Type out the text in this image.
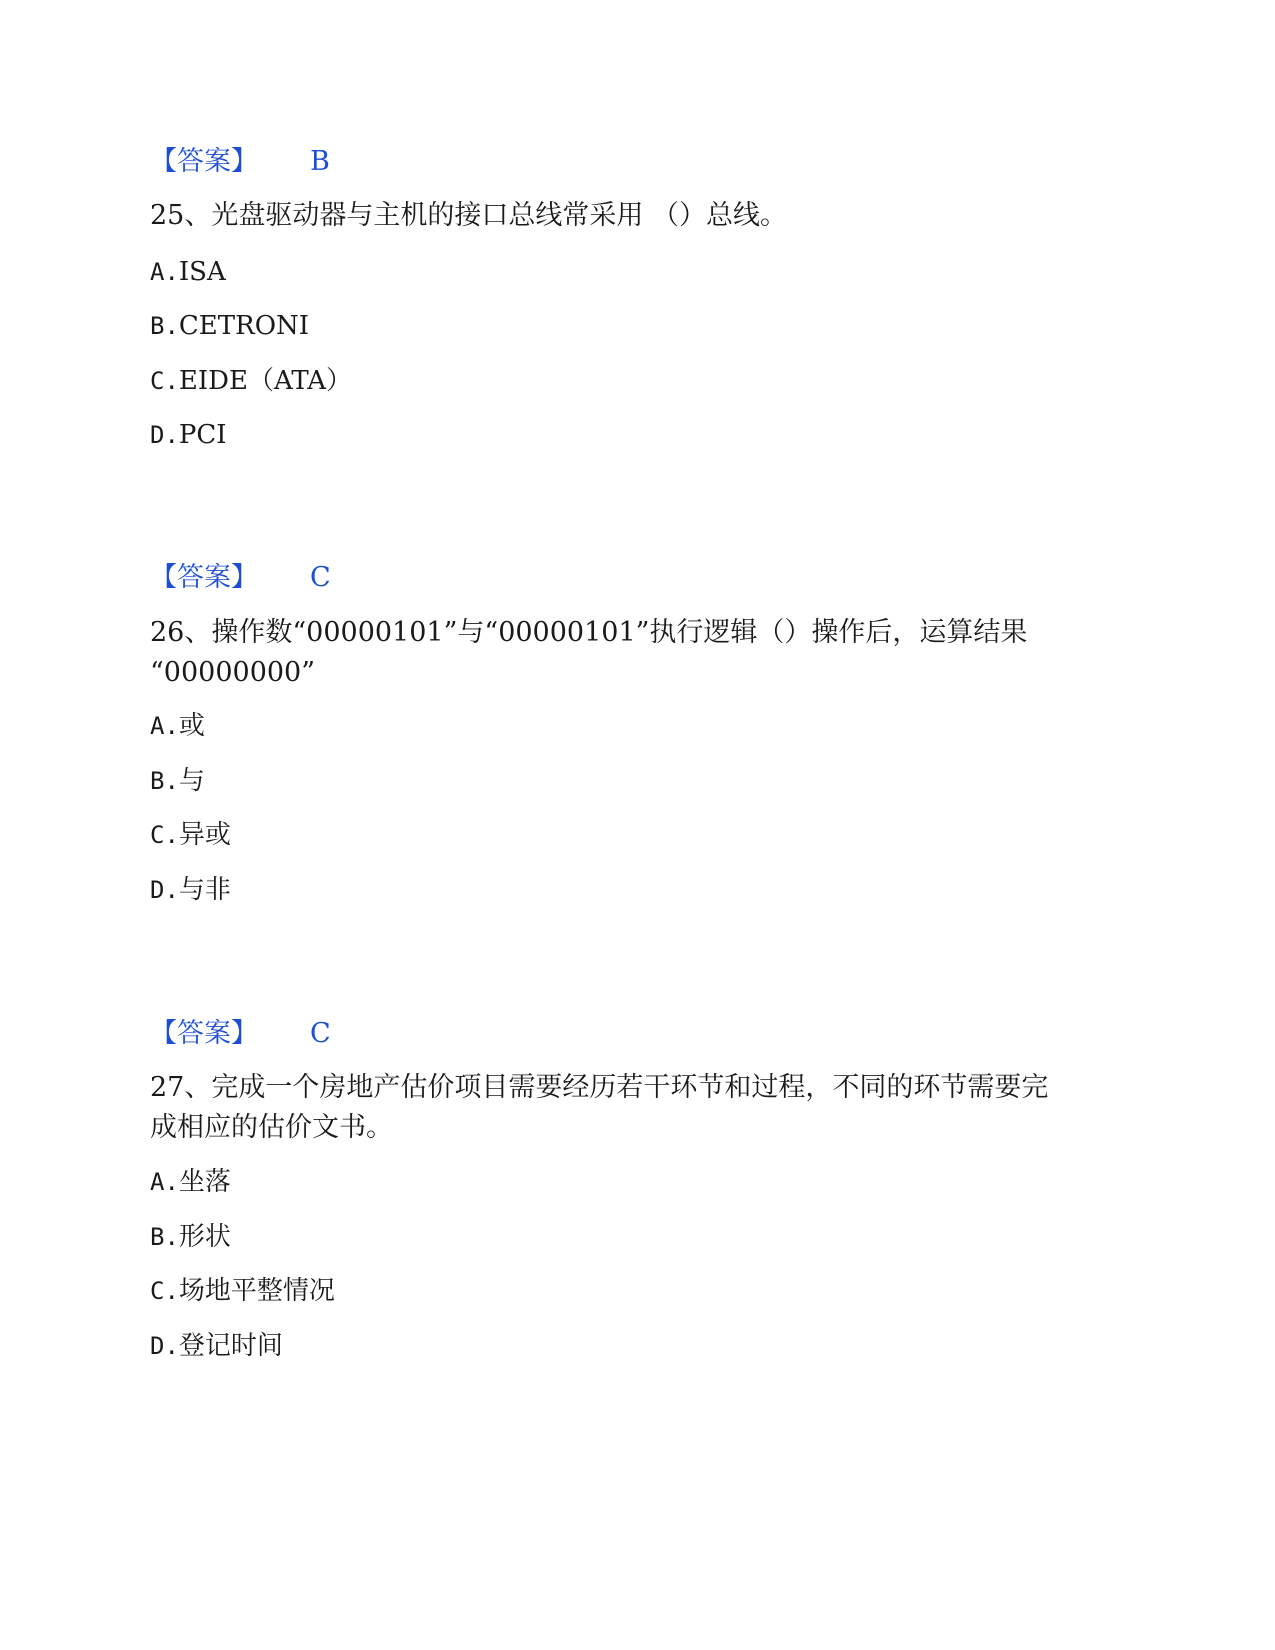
【答案】 B
25、光盘驱动器与主机的接口总线常采用 （）总线。
A.ISA
B.CETRONI
C.EIDE（ATA）
D.PCI
【答案】 C
26、操作数“00000101”与“00000101”执行逻辑（）操作后，运算结果
“00000000”
A.或
B.与
C.异或
D.与非
【答案】 C
27、完成一个房地产估价项目需要经历若干环节和过程，不同的环节需要完
成相应的估价文书。
A.坐落
B.形状
C.场地平整情况
D.登记时间
